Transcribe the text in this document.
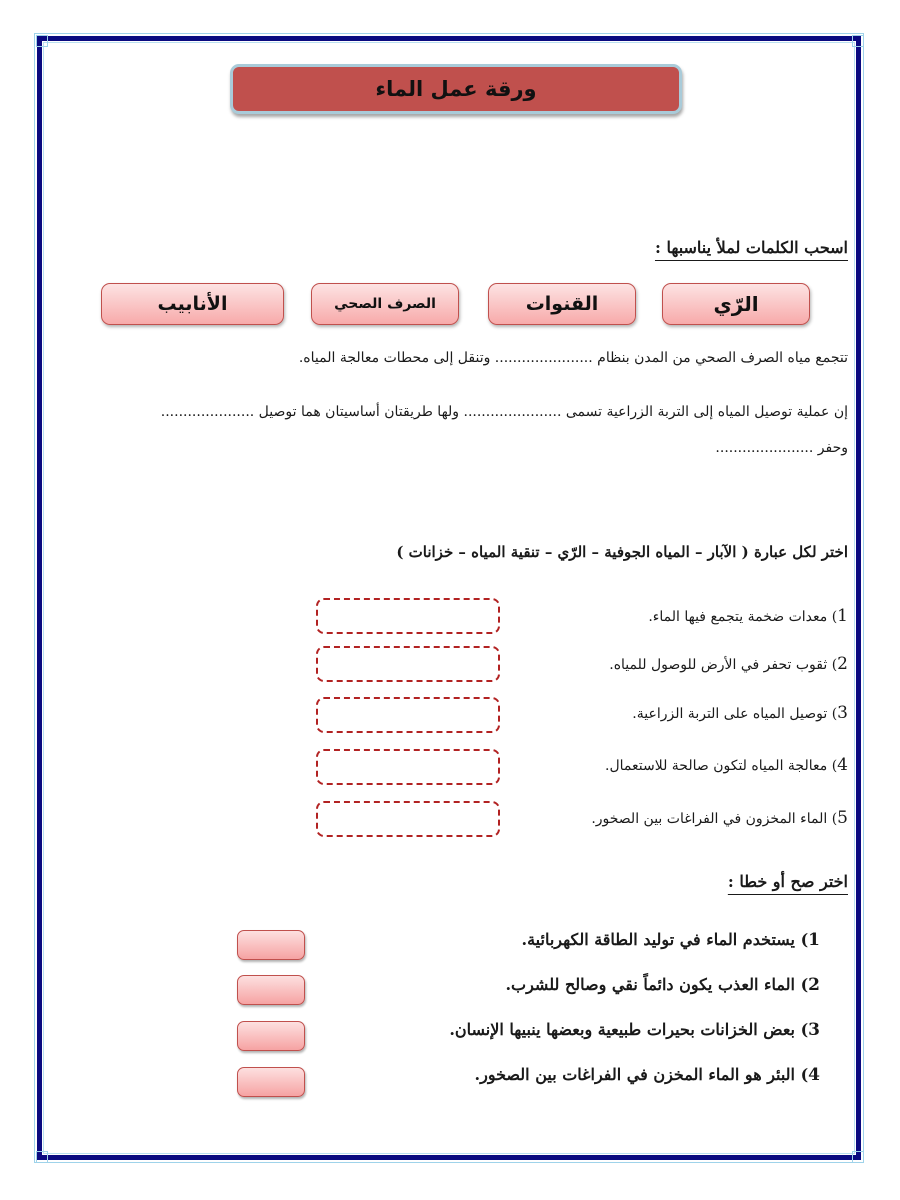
ورقة عمل الماء
اسحب الكلمات لملأ يناسبها :
الرّي
القنوات
الصرف الصحي
الأنابيب
تتجمع مياه الصرف الصحي من المدن بنظام ...................... وتنقل إلى محطات معالجة المياه.
إن عملية توصيل المياه إلى التربة الزراعية تسمى ...................... ولها طريقتان أساسيتان هما توصيل .....................
وحفر ......................
اختر لكل عبارة ( الآبار – المياه الجوفية – الرّي – تنقية المياه – خزانات )
1) معدات ضخمة يتجمع فيها الماء.
2) ثقوب تحفر في الأرض للوصول للمياه.
3) توصيل المياه على التربة الزراعية.
4) معالجة المياه لتكون صالحة للاستعمال.
5) الماء المخزون في الفراغات بين الصخور.
اختر صح أو خطا :
1) يستخدم الماء في توليد الطاقة الكهربائية.
2) الماء العذب يكون دائماً نقي وصالح للشرب.
3) بعض الخزانات بحيرات طبيعية وبعضها ينبيها الإنسان.
4) البئر هو الماء المخزن في الفراغات بين الصخور.
